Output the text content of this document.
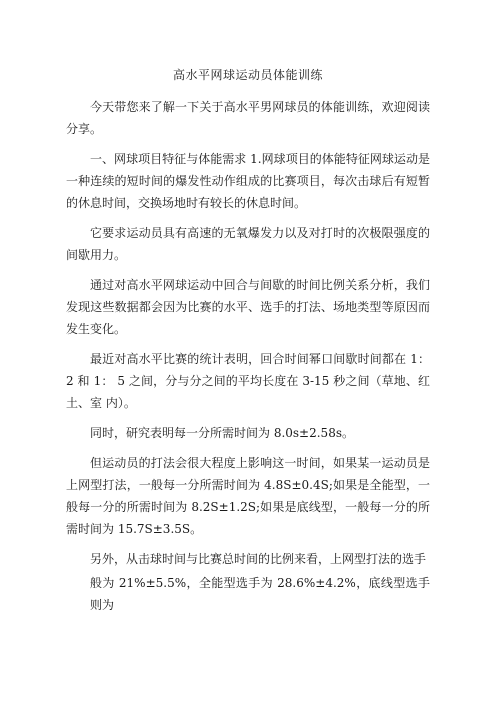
高水平网球运动员体能训练

今天带您来了解一下关于高水平男网球员的体能训练，欢迎阅读分享。

一、网球项目特征与体能需求 1.网球项目的体能特征网球运动是一种连续的短时间的爆发性动作组成的比赛项目，每次击球后有短暂的休息时间，交换场地时有较长的休息时间。

它要求运动员具有高速的无氧爆发力以及对打时的次极限强度的间歇用力。

通过对高水平网球运动中回合与间歇的时间比例关系分析，我们发现这些数据都会因为比赛的水平、选手的打法、场地类型等原因而 发生变化。

最近对高水平比赛的统计表明，回合时间幂口间歇时间都在 1： 2 和 1： 5 之间，分与分之间的平均长度在 3-15 秒之间（草地、红土、室 内）。

同时，研究表明每一分所需时间为 8.0s±2.58s。

但运动员的打法会很大程度上影响这一时间，如果某一运动员是上网型打法，一般每一分所需时间为 4.8S±0.4S;如果是全能型，一般每一分的所需时间为 8.2S±1.2S;如果是底线型，一般每一分的所需时间为 15.7S±3.5S。

另外，从击球时间与比赛总时间的比例来看，上网型打法的选手

般为 21%±5.5%，全能型选手为 28.6%±4.2%，底线型选手则为
